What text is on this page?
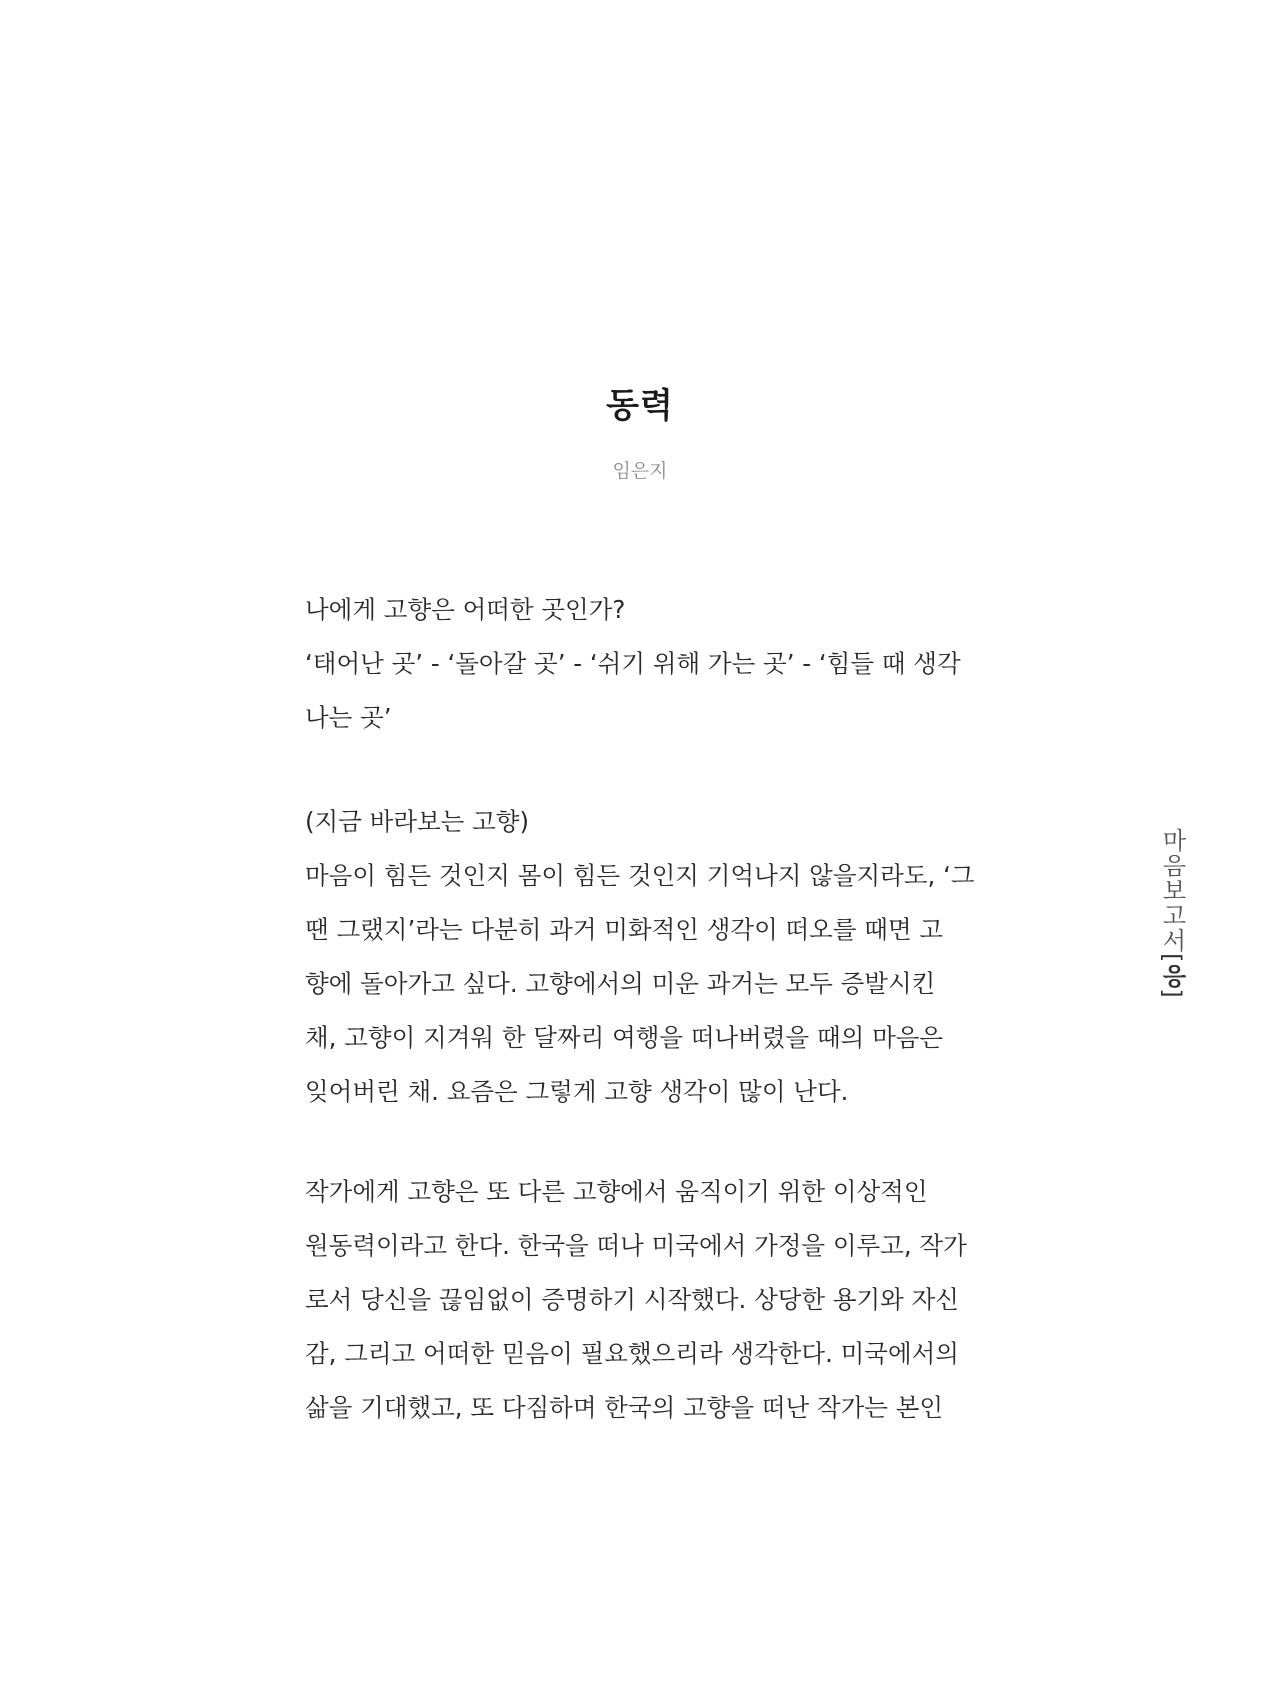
동력
임은지
나에게 고향은 어떠한 곳인가?
‘태어난 곳’ - ‘돌아갈 곳’ - ‘쉬기 위해 가는 곳’ - ‘힘들 때 생각
나는 곳’
(지금 바라보는 고향)
마음이 힘든 것인지 몸이 힘든 것인지 기억나지 않을지라도, ‘그
땐 그랬지’라는 다분히 과거 미화적인 생각이 떠오를 때면 고
향에 돌아가고 싶다. 고향에서의 미운 과거는 모두 증발시킨
채, 고향이 지겨워 한 달짜리 여행을 떠나버렸을 때의 마음은
잊어버린 채. 요즘은 그렇게 고향 생각이 많이 난다.
작가에게 고향은 또 다른 고향에서 움직이기 위한 이상적인
원동력이라고 한다. 한국을 떠나 미국에서 가정을 이루고, 작가
로서 당신을 끊임없이 증명하기 시작했다. 상당한 용기와 자신
감, 그리고 어떠한 믿음이 필요했으리라 생각한다. 미국에서의
삶을 기대했고, 또 다짐하며 한국의 고향을 떠난 작가는 본인
마음보고서[응]
